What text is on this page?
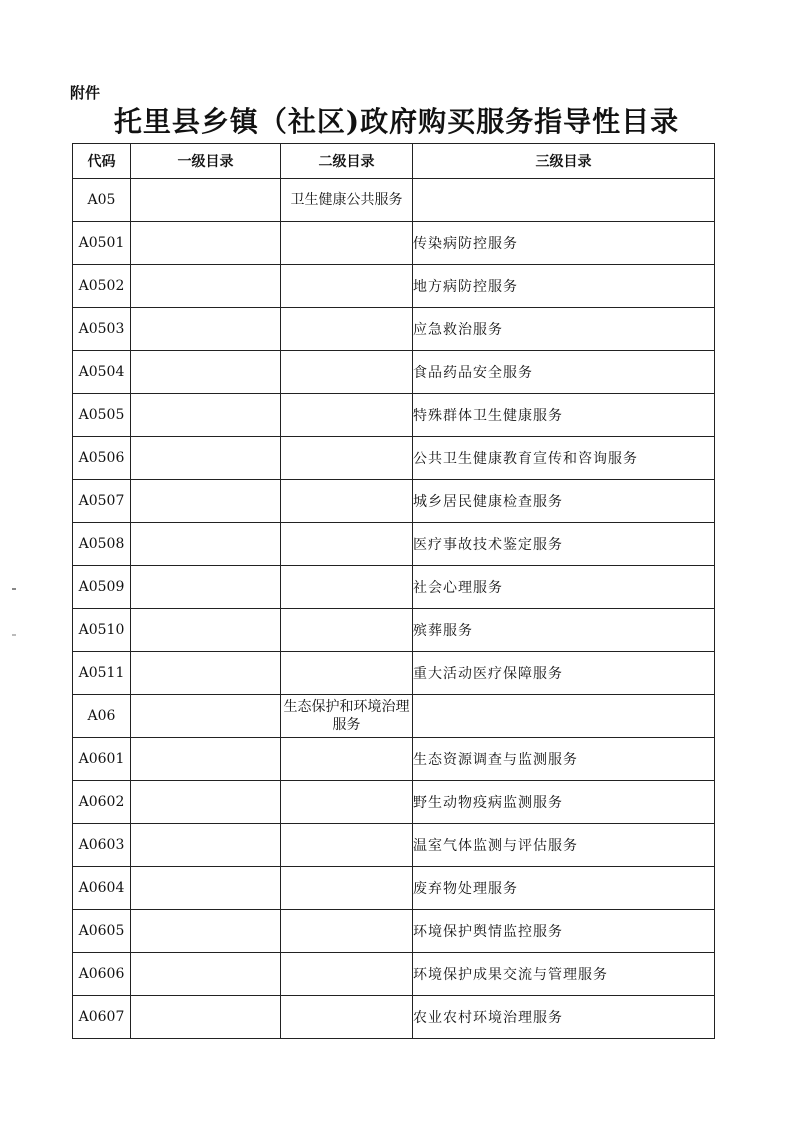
附件
托里县乡镇（社区)政府购买服务指导性目录
代码	一级目录	二级目录	三级目录
A05		卫生健康公共服务	
A0501			传染病防控服务
A0502			地方病防控服务
A0503			应急救治服务
A0504			食品药品安全服务
A0505			特殊群体卫生健康服务
A0506			公共卫生健康教育宣传和咨询服务
A0507			城乡居民健康检查服务
A0508			医疗事故技术鉴定服务
A0509			社会心理服务
A0510			殡葬服务
A0511			重大活动医疗保障服务
A06		生态保护和环境治理服务	
A0601			生态资源调查与监测服务
A0602			野生动物疫病监测服务
A0603			温室气体监测与评估服务
A0604			废弃物处理服务
A0605			环境保护舆情监控服务
A0606			环境保护成果交流与管理服务
A0607			农业农村环境治理服务
